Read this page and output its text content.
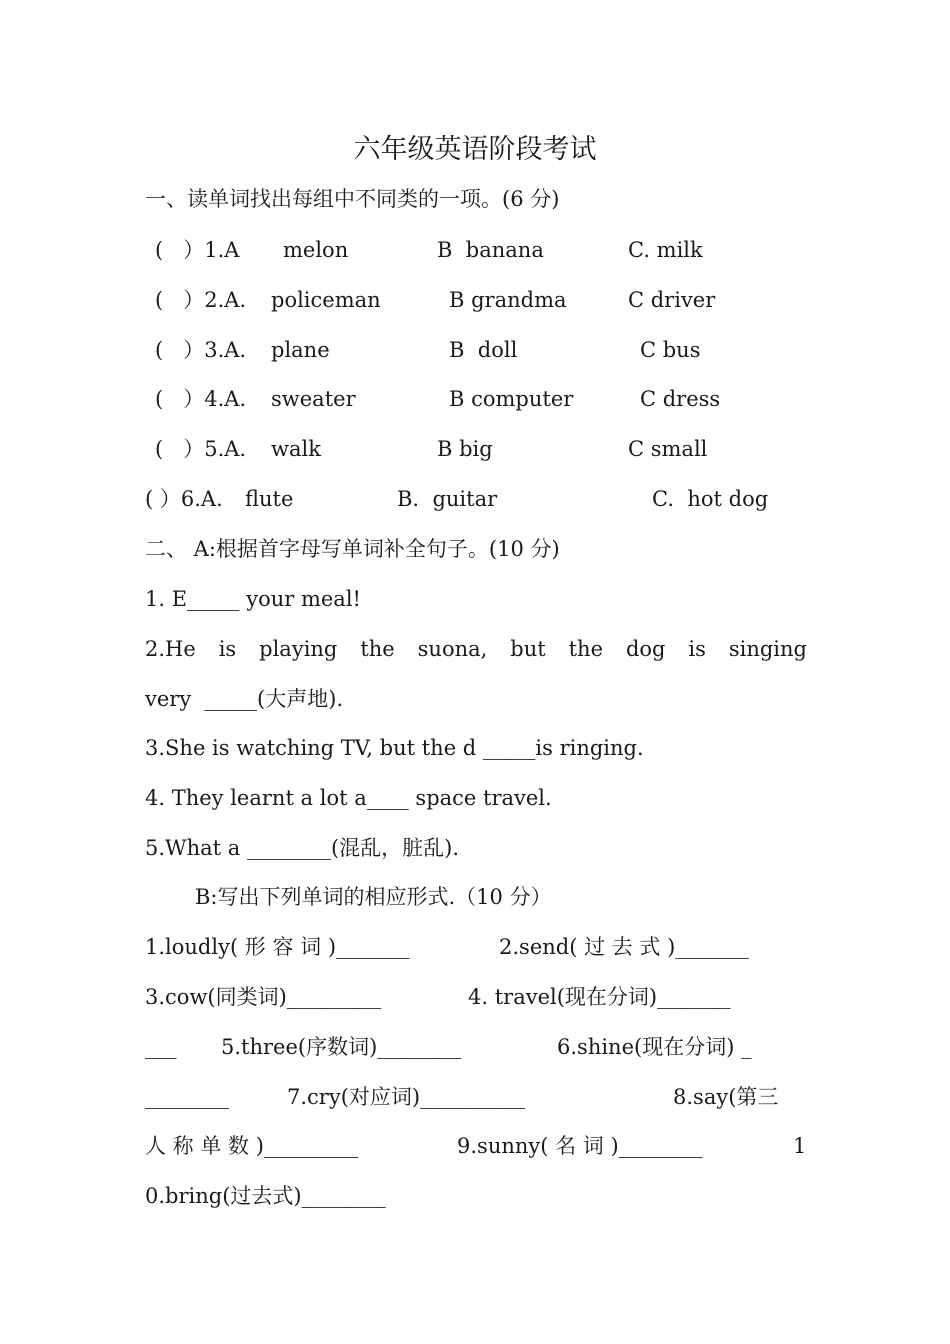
六年级英语阶段考试
一、读单词找出每组中不同类的一项。(6 分)
(   ）1.A melon	B  banana	C. milk
(   ）2.A. policeman	B grandma	C driver
(   ）3.A. plane	B  doll	C bus
(   ）4.A. sweater	B computer	C dress
(   ）5.A. walk	B big	C small
( ）6.A. flute	B.  guitar	C.  hot dog
二、 A:根据首字母写单词补全句子。(10 分)
1. E_____ your meal!
2.He is playing the suona, but the dog is singing
very  _____(大声地).
3.She is watching TV, but the d _____is ringing.
4. They learnt a lot a____ space travel.
5.What a ________(混乱，脏乱).
B:写出下列单词的相应形式.（10 分）
1.loudly( 形 容 词 )_______	2.send( 过 去 式 )_______
3.cow(同类词)_________	4. travel(现在分词)_______
___ 5.three(序数词)________	6.shine(现在分词) _
________	7.cry(对应词)__________	8.say(第三
人 称 单 数 )_________	9.sunny( 名 词 )________	1
0.bring(过去式)________
